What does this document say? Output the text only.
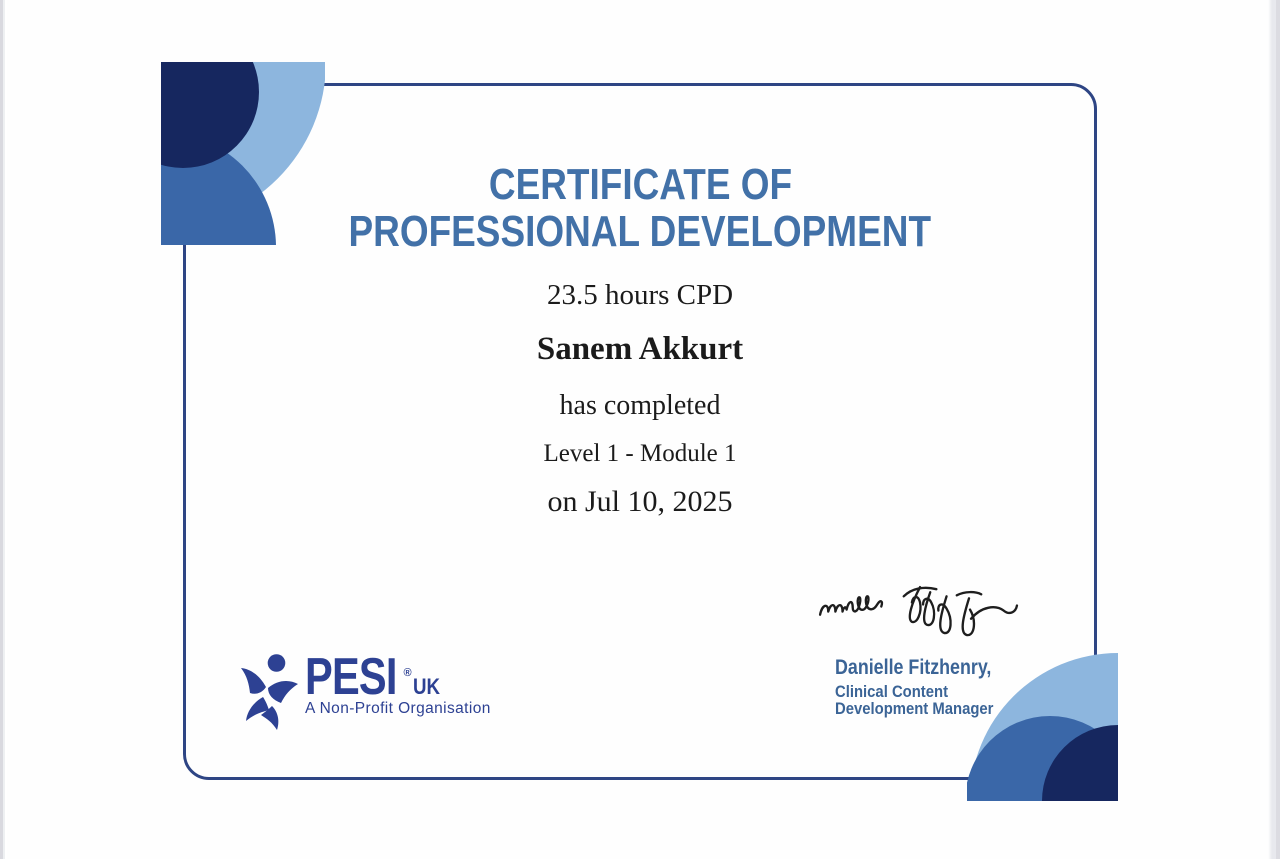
CERTIFICATE OF
PROFESSIONAL DEVELOPMENT
23.5 hours CPD
Sanem Akkurt
has completed
Level 1 - Module 1
on Jul 10, 2025
Danielle Fitzhenry,
Clinical Content
Development Manager
PESI ®UK
A Non-Profit Organisation
